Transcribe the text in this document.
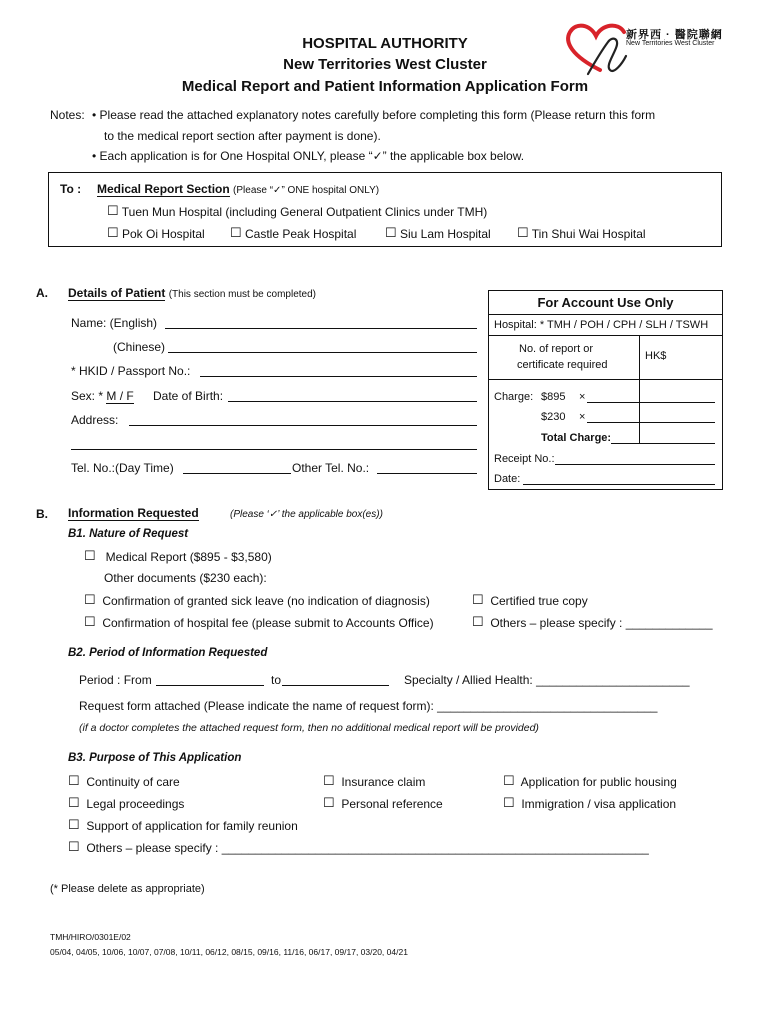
新界西 · 醫院聯網
New Territories West Cluster
HOSPITAL AUTHORITY
New Territories West Cluster
Medical Report and Patient Information Application Form
Notes: • Please read the attached explanatory notes carefully before completing this form (Please return this form
to the medical report section after payment is done).
• Each application is for One Hospital ONLY, please “✓” the applicable box below.
To : Medical Report Section (Please “✓” ONE hospital ONLY)
☐ Tuen Mun Hospital (including General Outpatient Clinics under TMH)
☐ Pok Oi Hospital ☐ Castle Peak Hospital ☐ Siu Lam Hospital ☐ Tin Shui Wai Hospital
A. Details of Patient (This section must be completed)
Name: (English)
(Chinese)
* HKID / Passport No.:
Sex: * M / F Date of Birth:
Address:
Tel. No.:(Day Time)	Other Tel. No.:
For Account Use Only
Hospital: * TMH / POH / CPH / SLH / TSWH
No. of report or
certificate required
HK$
Charge: $895 ×
$230 ×
Total Charge:
Receipt No.:
Date:
B. Information Requested	(Please ‘✓’ the applicable box(es))
B1. Nature of Request
☐ Medical Report ($895 - $3,580)
Other documents ($230 each):
☐ Confirmation of granted sick leave (no indication of diagnosis)	☐ Certified true copy
☐ Confirmation of hospital fee (please submit to Accounts Office)	☐ Others – please specify : _____________
B2. Period of Information Requested
Period : From	to	Specialty / Allied Health: _______________________
Request form attached (Please indicate the name of request form): _________________________________
(if a doctor completes the attached request form, then no additional medical report will be provided)
B3. Purpose of This Application
☐ Continuity of care	☐ Insurance claim	☐ Application for public housing
☐ Legal proceedings	☐ Personal reference	☐ Immigration / visa application
☐ Support of application for family reunion
☐ Others – please specify : ________________________________________________________________
(* Please delete as appropriate)
TMH/HIRO/0301E/02
05/04, 04/05, 10/06, 10/07, 07/08, 10/11, 06/12, 08/15, 09/16, 11/16, 06/17, 09/17, 03/20, 04/21
